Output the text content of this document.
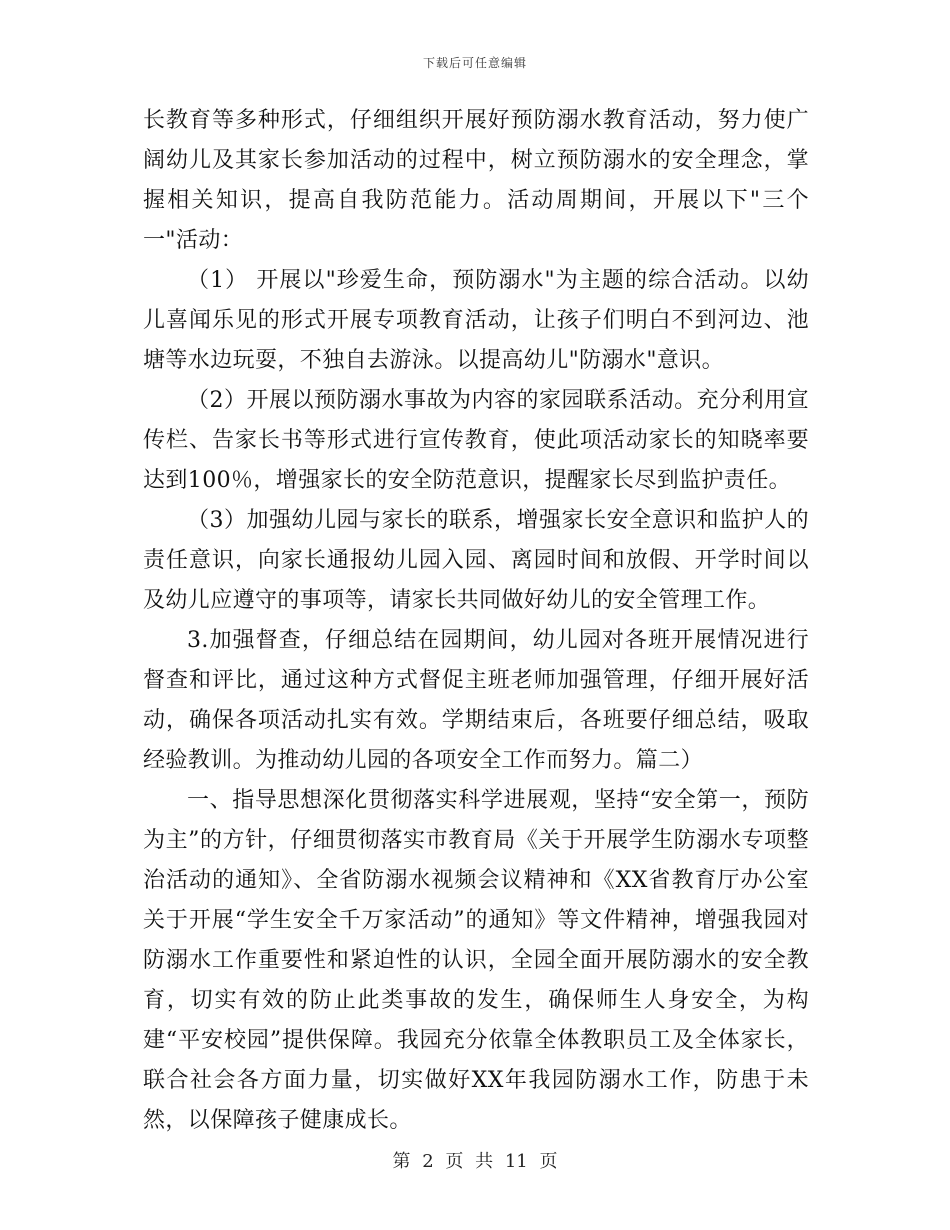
下载后可任意编辑

长教育等多种形式，仔细组织开展好预防溺水教育活动，努力使广阔幼儿及其家长参加活动的过程中，树立预防溺水的安全理念，掌握相关知识，提高自我防范能力。活动周期间，开展以下"三个一"活动：

（1） 开展以"珍爱生命，预防溺水"为主题的综合活动。以幼儿喜闻乐见的形式开展专项教育活动，让孩子们明白不到河边、池塘等水边玩耍，不独自去游泳。以提高幼儿"防溺水"意识。

（2）开展以预防溺水事故为内容的家园联系活动。充分利用宣传栏、告家长书等形式进行宣传教育，使此项活动家长的知晓率要达到100％，增强家长的安全防范意识，提醒家长尽到监护责任。

（3）加强幼儿园与家长的联系，增强家长安全意识和监护人的责任意识，向家长通报幼儿园入园、离园时间和放假、开学时间以及幼儿应遵守的事项等，请家长共同做好幼儿的安全管理工作。

3.加强督查，仔细总结在园期间，幼儿园对各班开展情况进行督查和评比，通过这种方式督促主班老师加强管理，仔细开展好活动，确保各项活动扎实有效。学期结束后，各班要仔细总结，吸取经验教训。为推动幼儿园的各项安全工作而努力。篇二）

一、指导思想深化贯彻落实科学进展观，坚持“安全第一，预防为主”的方针，仔细贯彻落实市教育局《关于开展学生防溺水专项整治活动的通知》、全省防溺水视频会议精神和《XX省教育厅办公室关于开展“学生安全千万家活动”的通知》等文件精神，增强我园对防溺水工作重要性和紧迫性的认识，全园全面开展防溺水的安全教育，切实有效的防止此类事故的发生，确保师生人身安全，为构建“平安校园”提供保障。我园充分依靠全体教职员工及全体家长，联合社会各方面力量，切实做好XX年我园防溺水工作，防患于未然，以保障孩子健康成长。

第 2 页 共 11 页
